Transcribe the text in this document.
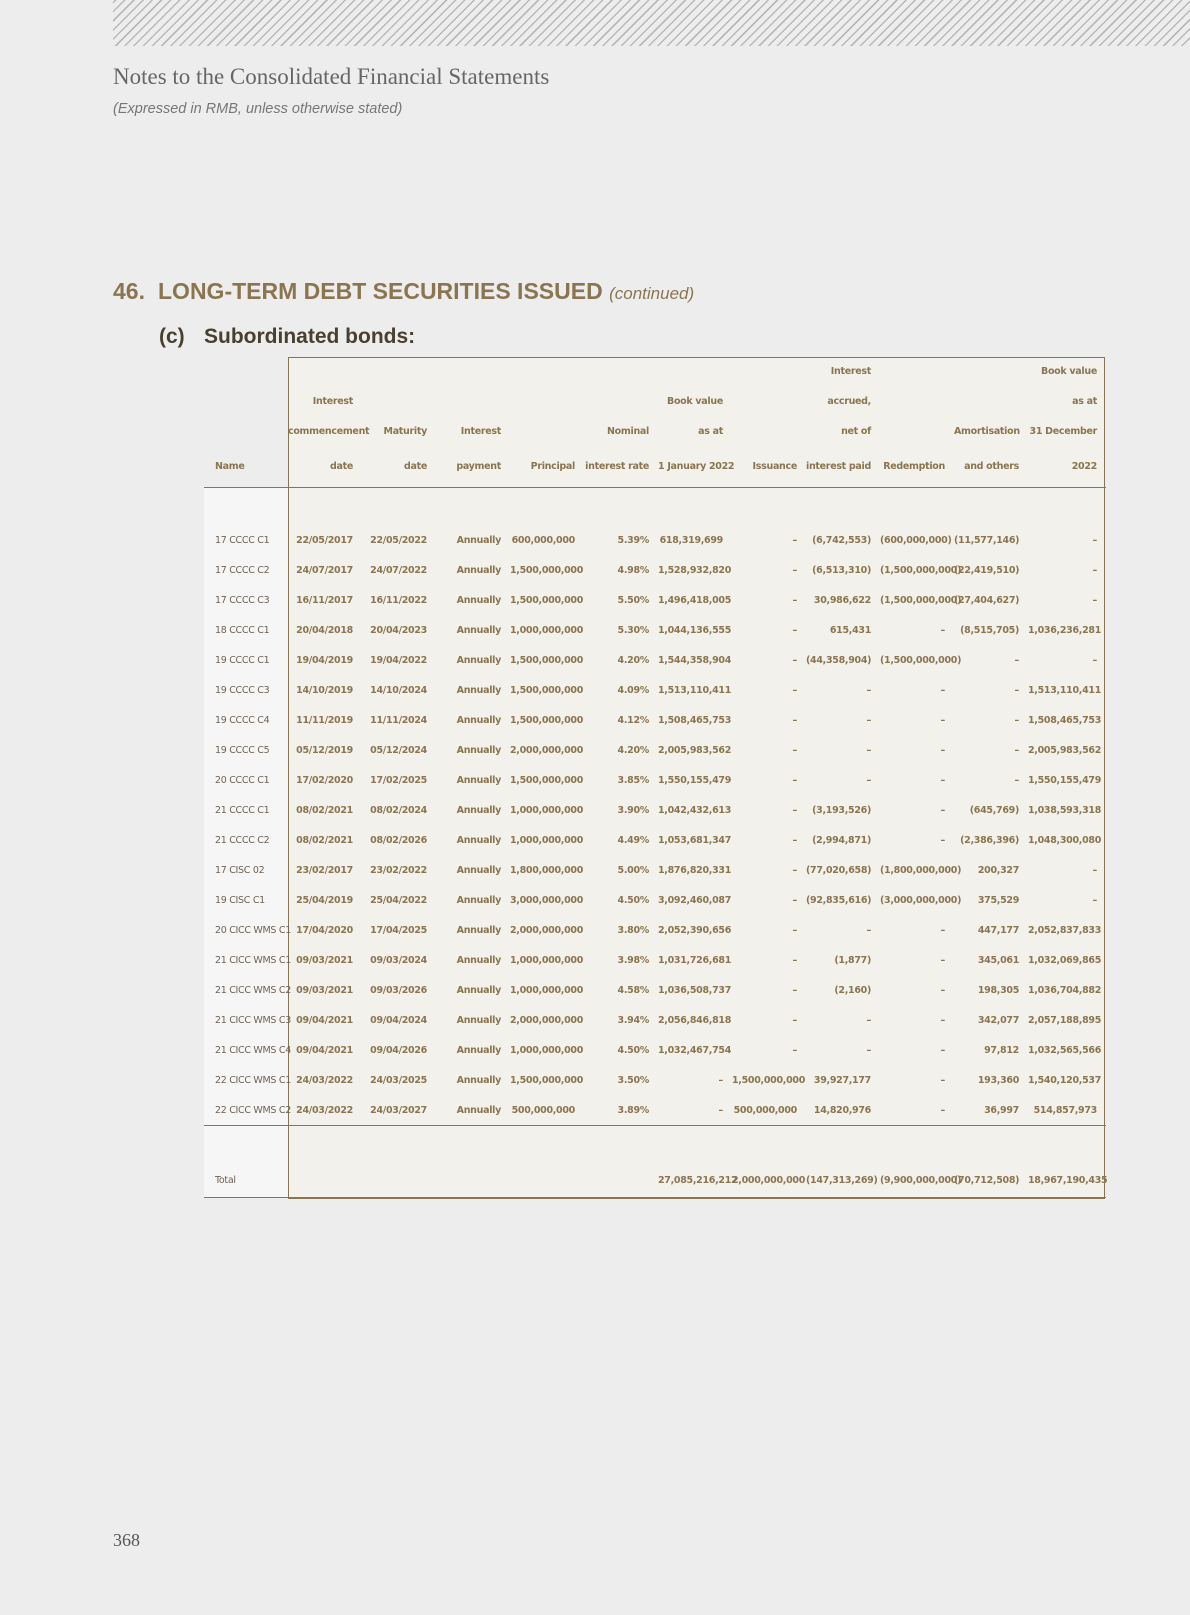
Notes to the Consolidated Financial Statements

(Expressed in RMB, unless otherwise stated)

46. LONG-TERM DEBT SECURITIES ISSUED (continued)
(c) Subordinated bonds:
								Interest			Book value
	Interest					Book value		accrued,			as at
	commencement	Maturity	Interest		Nominal	as at		net of		Amortisation	31 December
Name	date	date	payment	Principal	interest rate	1 January 2022	Issuance	interest paid	Redemption	and others	2022

17 CCCC C1	22/05/2017	22/05/2022	Annually	600,000,000	5.39%	618,319,699	–	(6,742,553)	(600,000,000)	(11,577,146)	–
17 CCCC C2	24/07/2017	24/07/2022	Annually	1,500,000,000	4.98%	1,528,932,820	–	(6,513,310)	(1,500,000,000)	(22,419,510)	–
17 CCCC C3	16/11/2017	16/11/2022	Annually	1,500,000,000	5.50%	1,496,418,005	–	30,986,622	(1,500,000,000)	(27,404,627)	–
18 CCCC C1	20/04/2018	20/04/2023	Annually	1,000,000,000	5.30%	1,044,136,555	–	615,431	–	(8,515,705)	1,036,236,281
19 CCCC C1	19/04/2019	19/04/2022	Annually	1,500,000,000	4.20%	1,544,358,904	–	(44,358,904)	(1,500,000,000)	–	–
19 CCCC C3	14/10/2019	14/10/2024	Annually	1,500,000,000	4.09%	1,513,110,411	–	–	–	–	1,513,110,411
19 CCCC C4	11/11/2019	11/11/2024	Annually	1,500,000,000	4.12%	1,508,465,753	–	–	–	–	1,508,465,753
19 CCCC C5	05/12/2019	05/12/2024	Annually	2,000,000,000	4.20%	2,005,983,562	–	–	–	–	2,005,983,562
20 CCCC C1	17/02/2020	17/02/2025	Annually	1,500,000,000	3.85%	1,550,155,479	–	–	–	–	1,550,155,479
21 CCCC C1	08/02/2021	08/02/2024	Annually	1,000,000,000	3.90%	1,042,432,613	–	(3,193,526)	–	(645,769)	1,038,593,318
21 CCCC C2	08/02/2021	08/02/2026	Annually	1,000,000,000	4.49%	1,053,681,347	–	(2,994,871)	–	(2,386,396)	1,048,300,080
17 CISC 02	23/02/2017	23/02/2022	Annually	1,800,000,000	5.00%	1,876,820,331	–	(77,020,658)	(1,800,000,000)	200,327	–
19 CISC C1	25/04/2019	25/04/2022	Annually	3,000,000,000	4.50%	3,092,460,087	–	(92,835,616)	(3,000,000,000)	375,529	–
20 CICC WMS C1	17/04/2020	17/04/2025	Annually	2,000,000,000	3.80%	2,052,390,656	–	–	–	447,177	2,052,837,833
21 CICC WMS C1	09/03/2021	09/03/2024	Annually	1,000,000,000	3.98%	1,031,726,681	–	(1,877)	–	345,061	1,032,069,865
21 CICC WMS C2	09/03/2021	09/03/2026	Annually	1,000,000,000	4.58%	1,036,508,737	–	(2,160)	–	198,305	1,036,704,882
21 CICC WMS C3	09/04/2021	09/04/2024	Annually	2,000,000,000	3.94%	2,056,846,818	–	–	–	342,077	2,057,188,895
21 CICC WMS C4	09/04/2021	09/04/2026	Annually	1,000,000,000	4.50%	1,032,467,754	–	–	–	97,812	1,032,565,566
22 CICC WMS C1	24/03/2022	24/03/2025	Annually	1,500,000,000	3.50%	–	1,500,000,000	39,927,177	–	193,360	1,540,120,537
22 CICC WMS C2	24/03/2022	24/03/2027	Annually	500,000,000	3.89%	–	500,000,000	14,820,976	–	36,997	514,857,973

Total						27,085,216,212	2,000,000,000	(147,313,269)	(9,900,000,000)	(70,712,508)	18,967,190,435

368
